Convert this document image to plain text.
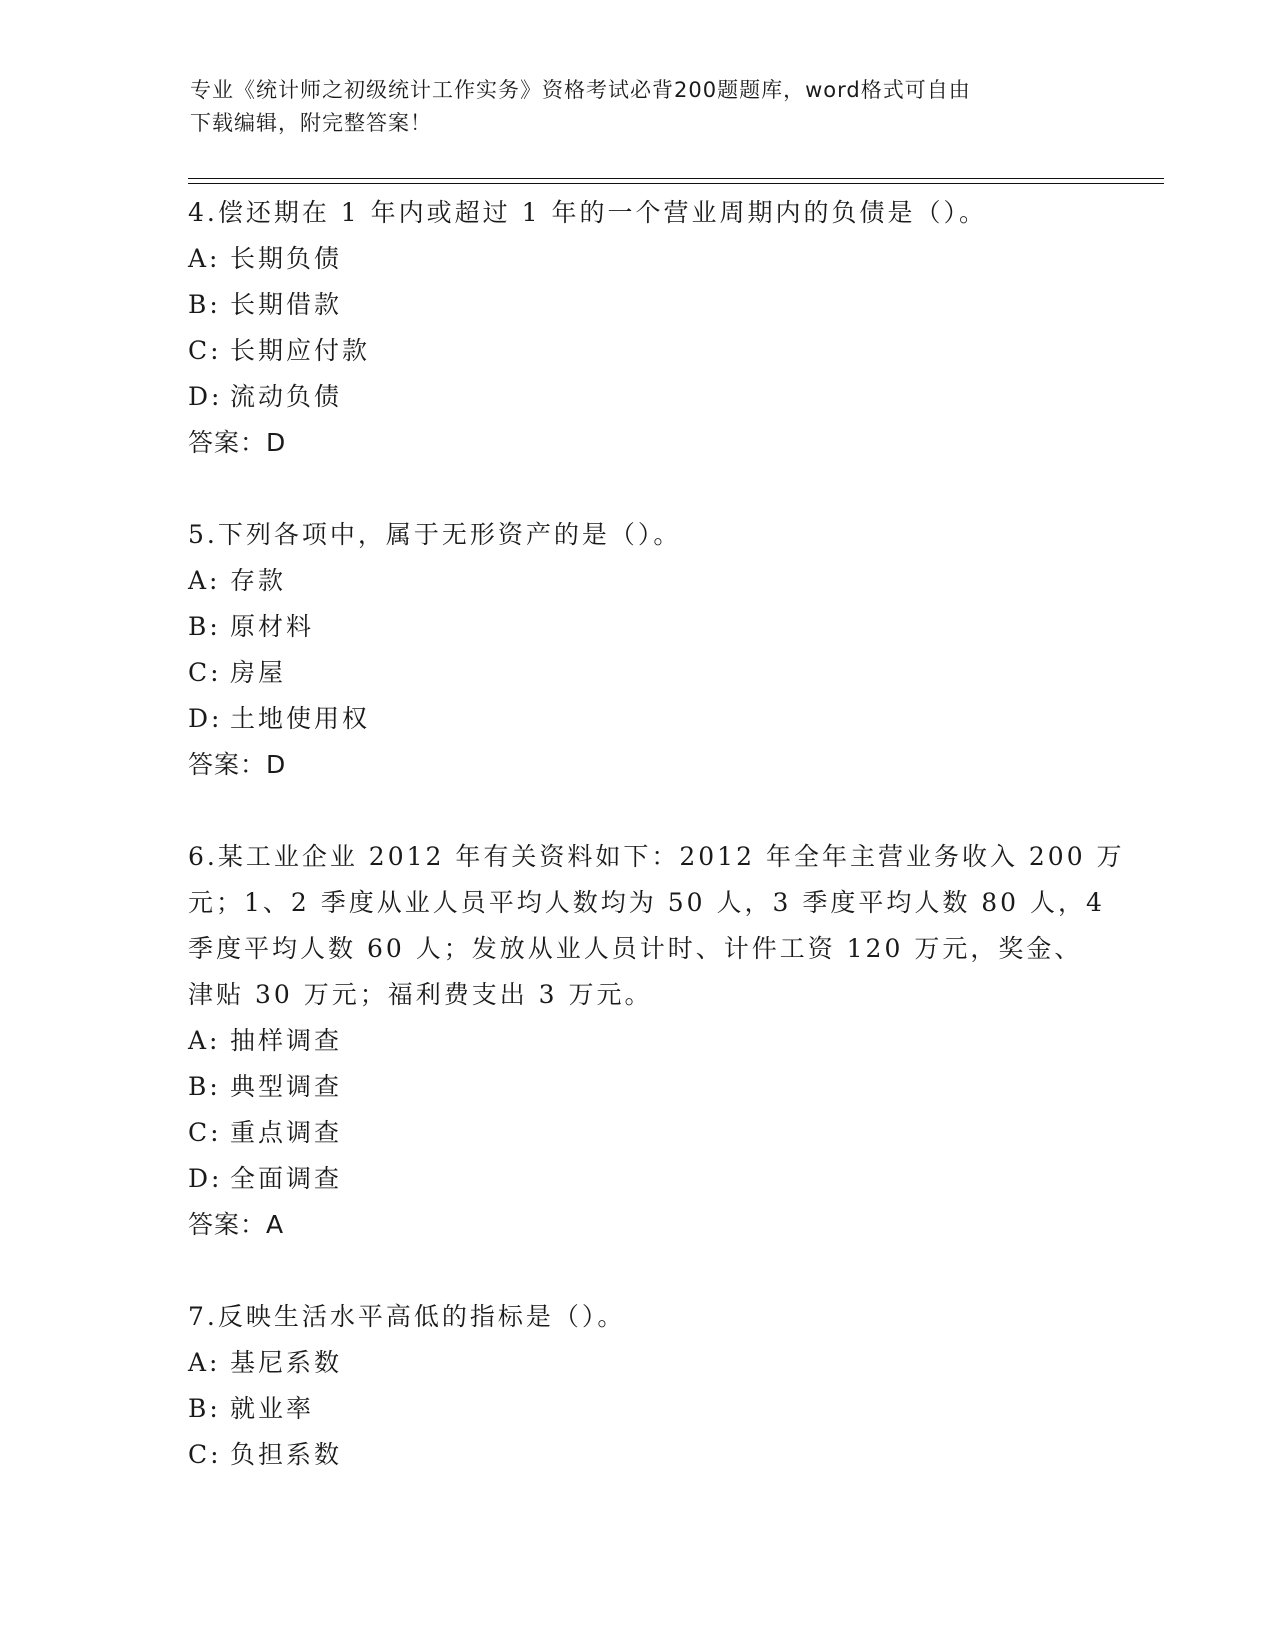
专业《统计师之初级统计工作实务》资格考试必背200题题库，word格式可自由
下载编辑，附完整答案！
4.偿还期在 1 年内或超过 1 年的一个营业周期内的负债是（）。
A: 长期负债
B: 长期借款
C: 长期应付款
D: 流动负债
答案：D
5.下列各项中，属于无形资产的是（）。
A: 存款
B: 原材料
C: 房屋
D: 土地使用权
答案：D
6.某工业企业 2012 年有关资料如下：2012 年全年主营业务收入 200 万
元；1、2 季度从业人员平均人数均为 50 人，3 季度平均人数 80 人，4
季度平均人数 60 人；发放从业人员计时、计件工资 120 万元，奖金、
津贴 30 万元；福利费支出 3 万元。
A: 抽样调查
B: 典型调查
C: 重点调查
D: 全面调查
答案：A
7.反映生活水平高低的指标是（）。
A: 基尼系数
B: 就业率
C: 负担系数
